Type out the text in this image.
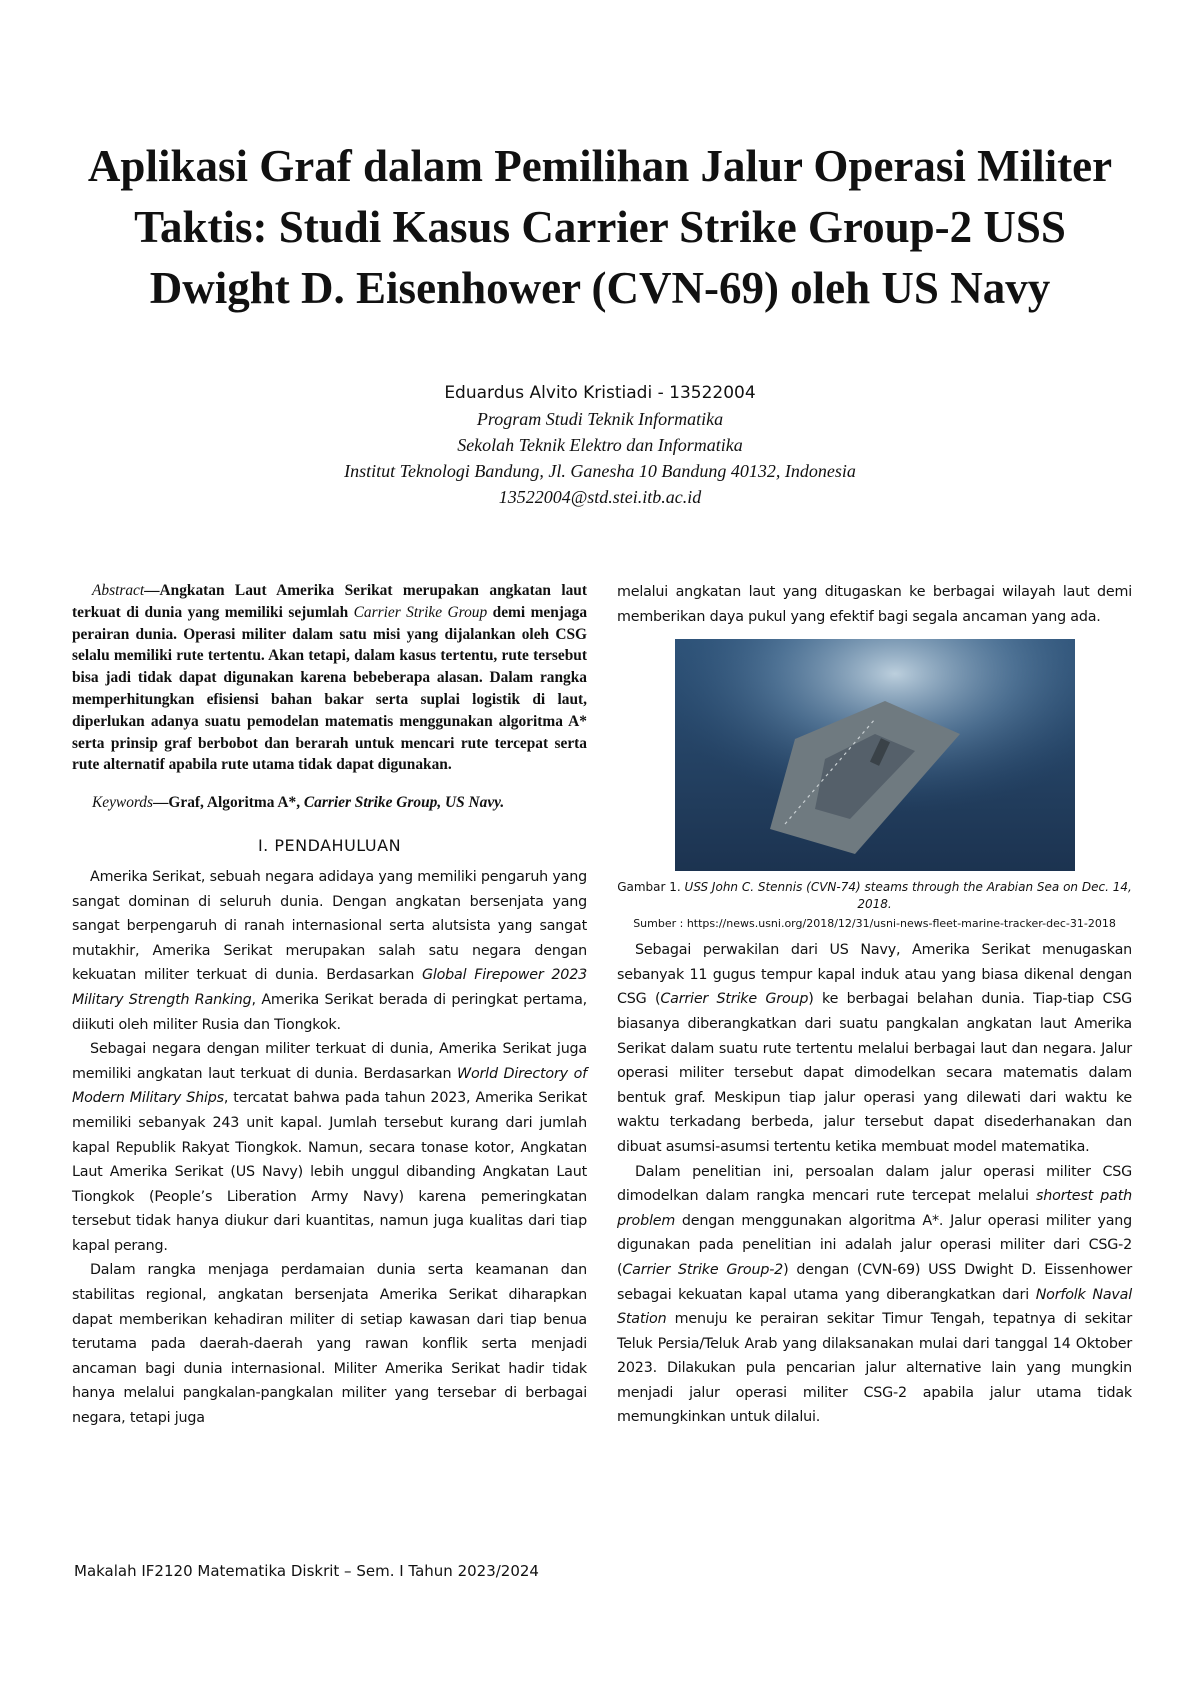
Aplikasi Graf dalam Pemilihan Jalur Operasi Militer Taktis: Studi Kasus Carrier Strike Group-2 USS Dwight D. Eisenhower (CVN-69) oleh US Navy
Eduardus Alvito Kristiadi - 13522004
Program Studi Teknik Informatika
Sekolah Teknik Elektro dan Informatika
Institut Teknologi Bandung, Jl. Ganesha 10 Bandung 40132, Indonesia
13522004@std.stei.itb.ac.id

Abstract—Angkatan Laut Amerika Serikat merupakan angkatan laut terkuat di dunia yang memiliki sejumlah Carrier Strike Group demi menjaga perairan dunia. Operasi militer dalam satu misi yang dijalankan oleh CSG selalu memiliki rute tertentu. Akan tetapi, dalam kasus tertentu, rute tersebut bisa jadi tidak dapat digunakan karena bebeberapa alasan. Dalam rangka memperhitungkan efisiensi bahan bakar serta suplai logistik di laut, diperlukan adanya suatu pemodelan matematis menggunakan algoritma A* serta prinsip graf berbobot dan berarah untuk mencari rute tercepat serta rute alternatif apabila rute utama tidak dapat digunakan.

Keywords—Graf, Algoritma A*, Carrier Strike Group, US Navy.

I. PENDAHULUAN

Amerika Serikat, sebuah negara adidaya yang memiliki pengaruh yang sangat dominan di seluruh dunia. Dengan angkatan bersenjata yang sangat berpengaruh di ranah internasional serta alutsista yang sangat mutakhir, Amerika Serikat merupakan salah satu negara dengan kekuatan militer terkuat di dunia. Berdasarkan Global Firepower 2023 Military Strength Ranking, Amerika Serikat berada di peringkat pertama, diikuti oleh militer Rusia dan Tiongkok.

Sebagai negara dengan militer terkuat di dunia, Amerika Serikat juga memiliki angkatan laut terkuat di dunia. Berdasarkan World Directory of Modern Military Ships, tercatat bahwa pada tahun 2023, Amerika Serikat memiliki sebanyak 243 unit kapal. Jumlah tersebut kurang dari jumlah kapal Republik Rakyat Tiongkok. Namun, secara tonase kotor, Angkatan Laut Amerika Serikat (US Navy) lebih unggul dibanding Angkatan Laut Tiongkok (People’s Liberation Army Navy) karena pemeringkatan tersebut tidak hanya diukur dari kuantitas, namun juga kualitas dari tiap kapal perang.

Dalam rangka menjaga perdamaian dunia serta keamanan dan stabilitas regional, angkatan bersenjata Amerika Serikat diharapkan dapat memberikan kehadiran militer di setiap kawasan dari tiap benua terutama pada daerah-daerah yang rawan konflik serta menjadi ancaman bagi dunia internasional. Militer Amerika Serikat hadir tidak hanya melalui pangkalan-pangkalan militer yang tersebar di berbagai negara, tetapi juga

melalui angkatan laut yang ditugaskan ke berbagai wilayah laut demi memberikan daya pukul yang efektif bagi segala ancaman yang ada.

Gambar 1. USS John C. Stennis (CVN-74) steams through the Arabian Sea on Dec. 14, 2018.

Sumber : https://news.usni.org/2018/12/31/usni-news-fleet-marine-tracker-dec-31-2018

Sebagai perwakilan dari US Navy, Amerika Serikat menugaskan sebanyak 11 gugus tempur kapal induk atau yang biasa dikenal dengan CSG (Carrier Strike Group) ke berbagai belahan dunia. Tiap-tiap CSG biasanya diberangkatkan dari suatu pangkalan angkatan laut Amerika Serikat dalam suatu rute tertentu melalui berbagai laut dan negara. Jalur operasi militer tersebut dapat dimodelkan secara matematis dalam bentuk graf. Meskipun tiap jalur operasi yang dilewati dari waktu ke waktu terkadang berbeda, jalur tersebut dapat disederhanakan dan dibuat asumsi-asumsi tertentu ketika membuat model matematika.

Dalam penelitian ini, persoalan dalam jalur operasi militer CSG dimodelkan dalam rangka mencari rute tercepat melalui shortest path problem dengan menggunakan algoritma A*. Jalur operasi militer yang digunakan pada penelitian ini adalah jalur operasi militer dari CSG-2 (Carrier Strike Group-2) dengan (CVN-69) USS Dwight D. Eissenhower sebagai kekuatan kapal utama yang diberangkatkan dari Norfolk Naval Station menuju ke perairan sekitar Timur Tengah, tepatnya di sekitar Teluk Persia/Teluk Arab yang dilaksanakan mulai dari tanggal 14 Oktober 2023. Dilakukan pula pencarian jalur alternative lain yang mungkin menjadi jalur operasi militer CSG-2 apabila jalur utama tidak memungkinkan untuk dilalui.

Makalah IF2120 Matematika Diskrit – Sem. I Tahun 2023/2024
